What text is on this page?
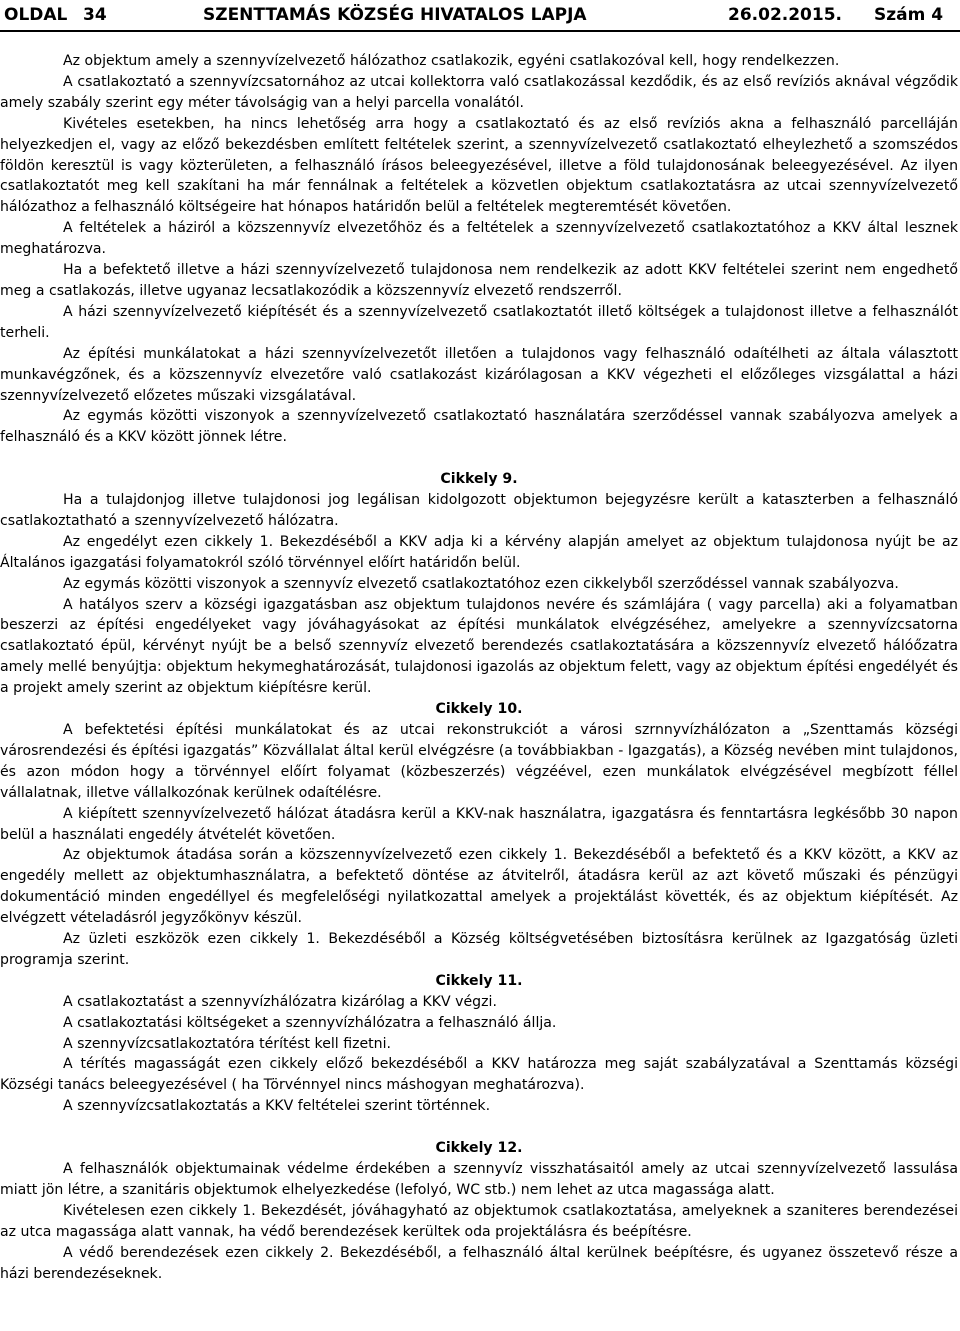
OLDAL 34	SZENTTAMÁS KÖZSÉG HIVATALOS LAPJA	26.02.2015. Szám 4

Az objektum amely a szennyvízelvezető hálózathoz csatlakozik, egyéni csatlakozóval kell, hogy rendelkezzen.

A csatlakoztató a szennyvízcsatornához az utcai kollektorra való csatlakozással kezdődik, és az első revíziós aknával végződik amely szabály szerint egy méter távolságig van a helyi parcella vonalától.

Kivételes esetekben, ha nincs lehetőség arra hogy a csatlakoztató és az első revíziós akna a felhasználó parcelláján helyezkedjen el, vagy az előző bekezdésben említett feltételek szerint, a szennyvízelvezető csatlakoztató elheylezhető a szomszédos földön keresztül is vagy közterületen, a felhasználó írásos beleegyezésével, illetve a föld tulajdonosának beleegyezésével. Az ilyen csatlakoztatót meg kell szakítani ha már fennálnak a feltételek a közvetlen objektum csatlakoztatásra az utcai szennyvízelvezető hálózathoz a felhasználó költségeire hat hónapos határidőn belül a feltételek megteremtését követően.

A feltételek a háziról a közszennyvíz elvezetőhöz és a feltételek a szennyvízelvezető csatlakoztatóhoz a KKV által lesznek meghatározva.

Ha a befektető illetve a házi szennyvízelvezető tulajdonosa nem rendelkezik az adott KKV feltételei szerint nem engedhető meg a csatlakozás, illetve ugyanaz lecsatlakozódik a közszennyvíz elvezető rendszerről.

A házi szennyvízelvezető kiépítését és a szennyvízelvezető csatlakoztatót illető költségek a tulajdonost illetve a felhasználót terheli.

Az építési munkálatokat a házi szennyvízelvezetőt illetően a tulajdonos vagy felhasználó odaítélheti az általa választott munkavégzőnek, és a közszennyvíz elvezetőre való csatlakozást kizárólagosan a KKV végezheti el előzőleges vizsgálattal a házi szennyvízelvezető előzetes műszaki vizsgálatával.

Az egymás közötti viszonyok a szennyvízelvezető csatlakoztató használatára szerződéssel vannak szabályozva amelyek a felhasználó és a KKV között jönnek létre.

Cikkely 9.

Ha a tulajdonjog illetve tulajdonosi jog legálisan kidolgozott objektumon bejegyzésre került a kataszterben a felhasználó csatlakoztatható a szennyvízelvezető hálózatra.

Az engedélyt ezen cikkely 1. Bekezdéséből a KKV adja ki a kérvény alapján amelyet az objektum tulajdonosa nyújt be az Általános igazgatási folyamatokról szóló törvénnyel előírt határidőn belül.

Az egymás közötti viszonyok a szennyvíz elvezető csatlakoztatóhoz ezen cikkelyből szerződéssel vannak szabályozva.

A hatályos szerv a községi igazgatásban asz objektum tulajdonos nevére és számlájára ( vagy parcella) aki a folyamatban beszerzi az építési engedélyeket vagy jóváhagyásokat az építési munkálatok elvégzéséhez, amelyekre a szennyvízcsatorna csatlakoztató épül, kérvényt nyújt be a belső szennyvíz elvezető berendezés csatlakoztatására a közszennyvíz elvezető hálóőzatra amely mellé benyújtja: objektum hekymeghatározását, tulajdonosi igazolás az objektum felett, vagy az objektum építési engedélyét és a projekt amely szerint az objektum kiépítésre kerül.

Cikkely 10.

A befektetési építési munkálatokat és az utcai rekonstrukciót a városi szrnnyvízhálózaton a „Szenttamás községi városrendezési és építési igazgatás” Közvállalat által kerül elvégzésre (a továbbiakban - Igazgatás), a Község nevében mint tulajdonos, és azon módon hogy a törvénnyel előírt folyamat (közbeszerzés) végzéével, ezen munkálatok elvégzésével megbízott féllel vállalatnak, illetve vállalkozónak kerülnek odaítélésre.

A kiépített szennyvízelvezető hálózat átadásra kerül a KKV-nak használatra, igazgatásra és fenntartásra legkésőbb 30 napon belül a használati engedély átvételét követően.

Az objektumok átadása során a közszennyvízelvezető ezen cikkely 1. Bekezdéséből a befektető és a KKV között, a KKV az engedély mellett az objektumhasználatra, a befektető döntése az átvitelről, átadásra kerül az azt követő műszaki és pénzügyi dokumentáció minden engedéllyel és megfelelőségi nyilatkozattal amelyek a projektálást követték, és az objektum kiépítését. Az elvégzett vételadásról jegyzőkönyv készül.

Az üzleti eszközök ezen cikkely 1. Bekezdéséből a Község költségvetésében biztosításra kerülnek az Igazgatóság üzleti programja szerint.

Cikkely 11.

A csatlakoztatást a szennyvízhálózatra kizárólag a KKV végzi.

A csatlakoztatási költségeket a szennyvízhálózatra a felhasználó állja.

A szennyvízcsatlakoztatóra térítést kell fizetni.

A térítés magasságát ezen cikkely előző bekezdéséből a KKV határozza meg saját szabályzatával a Szenttamás községi Községi tanács beleegyezésével ( ha Törvénnyel nincs máshogyan meghatározva).

A szennyvízcsatlakoztatás a KKV feltételei szerint történnek.

Cikkely 12.

A felhasználók objektumainak védelme érdekében a szennyvíz visszhatásaitól amely az utcai szennyvízelvezető lassulása miatt jön létre, a szanitáris objektumok elhelyezkedése (lefolyó, WC stb.) nem lehet az utca magassága alatt.

Kivételesen ezen cikkely 1. Bekezdését, jóváhagyható az objektumok csatlakoztatása, amelyeknek a szaniteres berendezései az utca magassága alatt vannak, ha védő berendezések kerültek oda projektálásra és beépítésre.

A védő berendezések ezen cikkely 2. Bekezdéséből, a felhasználó által kerülnek beépítésre, és ugyanez összetevő része a házi berendezéseknek.
